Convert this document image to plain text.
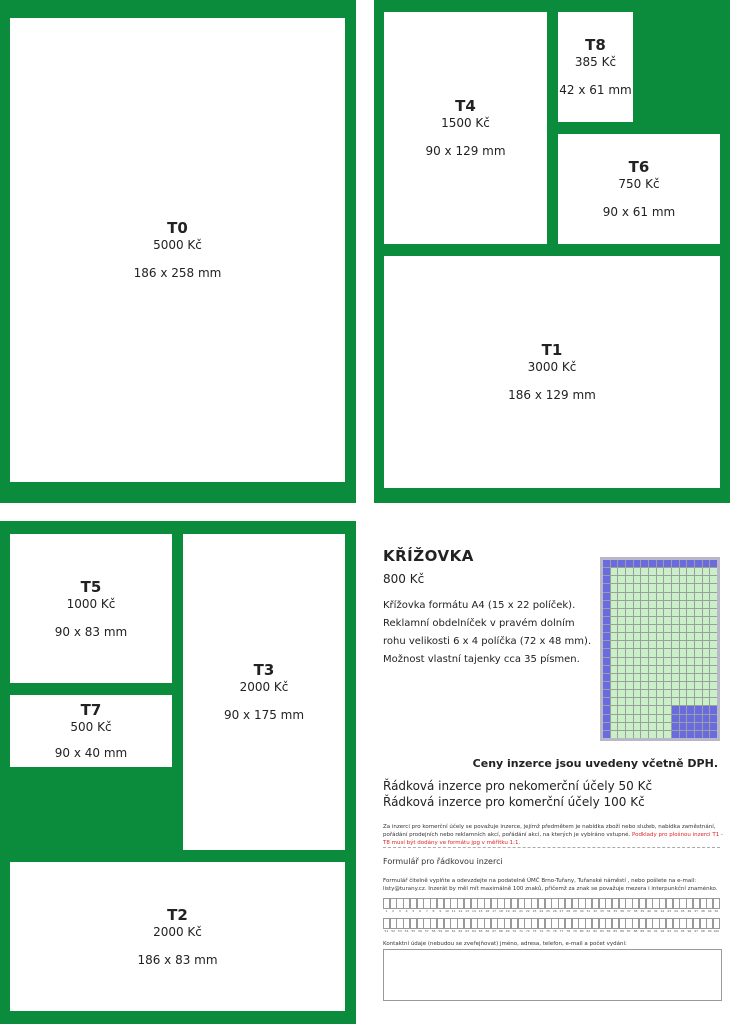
T0
5000 Kč
186 x 258 mm
T4
1500 Kč
90 x 129 mm
T8
385 Kč
42 x 61 mm
T6
750 Kč
90 x 61 mm
T1
3000 Kč
186 x 129 mm
T5
1000 Kč
90 x 83 mm
T7
500 Kč
90 x 40 mm
T3
2000 Kč
90 x 175 mm
T2
2000 Kč
186 x 83 mm
KŘÍŽOVKA
800 Kč
Křížovka formátu A4 (15 x 22 políček). Reklamní obdelníček v pravém dolním rohu velikosti 6 x 4 políčka (72 x 48 mm). Možnost vlastní tajenky cca 35 písmen.
Ceny inzerce jsou uvedeny včetně DPH.
Řádková inzerce pro nekomerční účely 50 Kč
Řádková inzerce pro komerční účely 100 Kč
Za inzerci pro komerční účely se považuje inzerce, jejímž předmětem je nabídka zboží nebo služeb, nabídka zaměstnání, pořádání prodejních nebo reklamních akcí, pořádání akcí, na kterých je vybíráno vstupné. Podklady pro plošnou inzerci T1 - T8 musí být dodány ve formátu jpg v měřítku 1:1.
Formulář pro řádkovou inzerci
Formulář čitelně vyplňte a odevzdejte na podatelně ÚMČ Brno-Tuřany, Tuřanské náměstí , nebo pošlete na e-mail: listy@turany.cz. Inzerát by měl mít maximálně 100 znaků, přičemž za znak se považuje mezera i interpunkční znaménko.
1	2	3	4	5	6	7	8	9	10 11 12 13 14 15 16 17 18 19 20 21 22 23 24 25 26 27 28 29 30 31 32 33 34 35 36 37 38 39 40 41 42 43 44 45 46 47 48 49 50
51 52 53 54 55 56 57 58 59 60 61 62 63 64 65 66 67 68 69 70 71 72 73 74 75 76 77 78 79 80 81 82 83 84 85 86 87 88 89 90 91 92 93 94 95 96 97 98 99 100
Kontaktní údaje (nebudou se zveřejňovat) jméno, adresa, telefon, e-mail a počet vydání:
